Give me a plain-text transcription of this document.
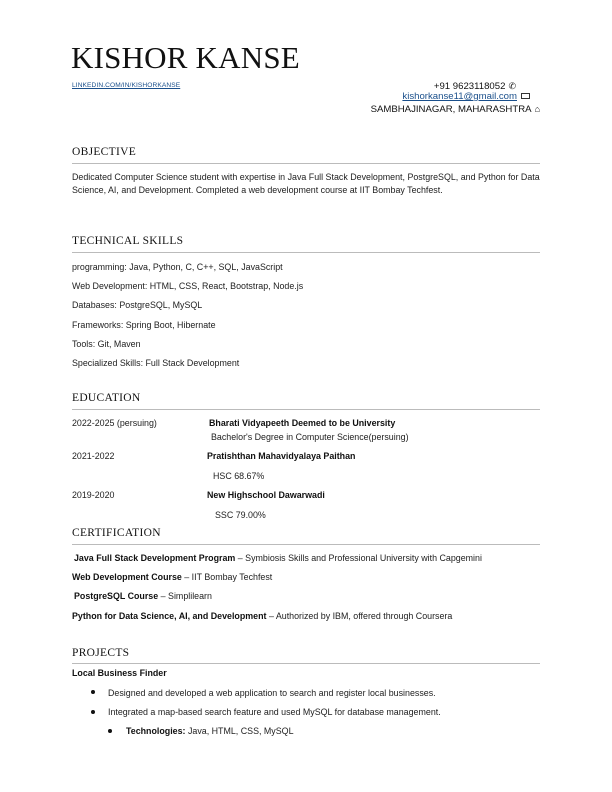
KISHOR KANSE
LINKEDIN.COM/IN/KISHORKANSE	+91 9623118052 ✆
kishorkanse11@gmail.com
SAMBHAJINAGAR, MAHARASHTRA ⌂
OBJECTIVE
Dedicated Computer Science student with expertise in Java Full Stack Development, PostgreSQL, and Python for Data Science, AI, and Development. Completed a web development course at IIT Bombay Techfest.
TECHNICAL SKILLS
programming: Java, Python, C, C++, SQL, JavaScript
Web Development: HTML, CSS, React, Bootstrap, Node.js
Databases: PostgreSQL, MySQL
Frameworks: Spring Boot, Hibernate
Tools: Git, Maven
Specialized Skills: Full Stack Development
EDUCATION
2022-2025 (persuing)	Bharati Vidyapeeth Deemed to be University
Bachelor's Degree in Computer Science(persuing)
2021-2022	Pratishthan Mahavidyalaya Paithan
HSC 68.67%
2019-2020	New Highschool Dawarwadi
SSC 79.00%
CERTIFICATION
Java Full Stack Development Program – Symbiosis Skills and Professional University with Capgemini
Web Development Course – IIT Bombay Techfest
PostgreSQL Course – Simplilearn
Python for Data Science, AI, and Development – Authorized by IBM, offered through Coursera
PROJECTS
Local Business Finder
Designed and developed a web application to search and register local businesses.
Integrated a map-based search feature and used MySQL for database management.
Technologies: Java, HTML, CSS, MySQL
